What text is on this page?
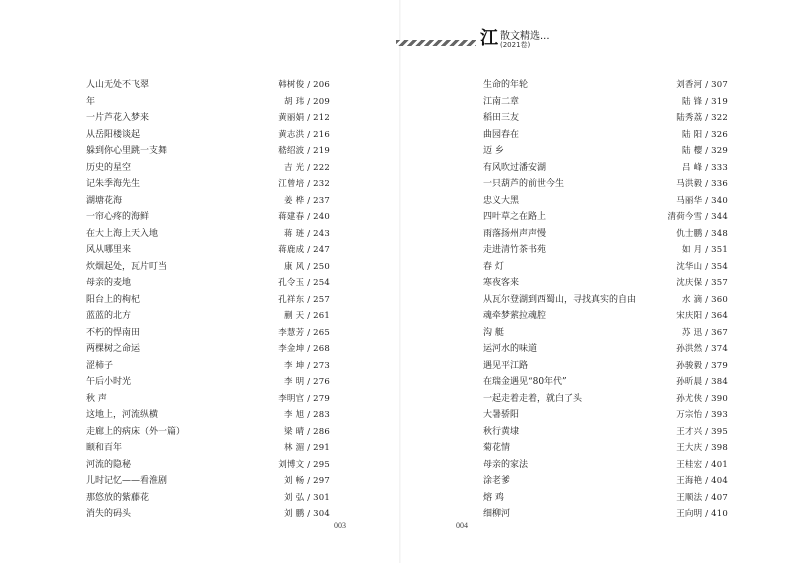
江 散文精选...
(2021卷)
人山无处不飞翠	韩树俊 / 206
年	胡 玮 / 209
一片芦花入梦来	黄丽娟 / 212
从岳阳楼谈起	黄志洪 / 216
躲到你心里跳一支舞	嵇绍波 / 219
历史的星空	吉 光 / 222
记朱季海先生	江曾培 / 232
湖塘花海	姜 桦 / 237
一帘心疼的海鲜	蒋建春 / 240
在大上海上天入地	蒋 琏 / 243
风从哪里来	蒋鹿成 / 247
炊烟起处，瓦片叮当	康 风 / 250
母亲的麦地	孔令玉 / 254
阳台上的枸杞	孔祥东 / 257
蓝蓝的北方	蒯 天 / 261
不朽的悍南田	李慧芳 / 265
两棵树之命运	李金坤 / 268
涩柿子	李 坤 / 273
午后小时光	李 明 / 276
秋 声	李明官 / 279
这地上，河流纵横	李 旭 / 283
走廊上的病床（外一篇）	梁 晴 / 286
颐和百年	林 湄 / 291
河流的隐秘	刘博文 / 295
儿时记忆——看淮剧	刘 畅 / 297
那悠放的紫藤花	刘 弘 / 301
消失的码头	刘 鹏 / 304
生命的年轮	刘香河 / 307
江南二章	陆 锋 / 319
稻田三友	陆秀荔 / 322
曲园春在	陆 阳 / 326
迈 乡	陆 樱 / 329
有风吹过潘安湖	吕 峰 / 333
一只葫芦的前世今生	马洪毅 / 336
忠义大黑	马丽华 / 340
四叶草之在路上	清荷今雪 / 344
雨落扬州声声慢	仇士鹏 / 348
走进清竹茶书苑	如 月 / 351
春 灯	沈华山 / 354
寒夜客来	沈庆保 / 357
从瓦尔登湖到西蜀山，寻找真实的自由	水 滴 / 360
魂牵梦萦拉魂腔	宋庆阳 / 364
沟 艇	苏 迅 / 367
运河水的味道	孙洪然 / 374
遇见平江路	孙骏毅 / 379
在瑞金遇见“80年代”	孙昕晨 / 384
一起走着走着，就白了头	孙尤侠 / 390
大暑骄阳	万宗怡 / 393
秋行黄埭	王才兴 / 395
菊花情	王大庆 / 398
母亲的家法	王桂宏 / 401
涂老爹	王海艳 / 404
熔 鸡	王顺法 / 407
细柳河	王向明 / 410
003	004
